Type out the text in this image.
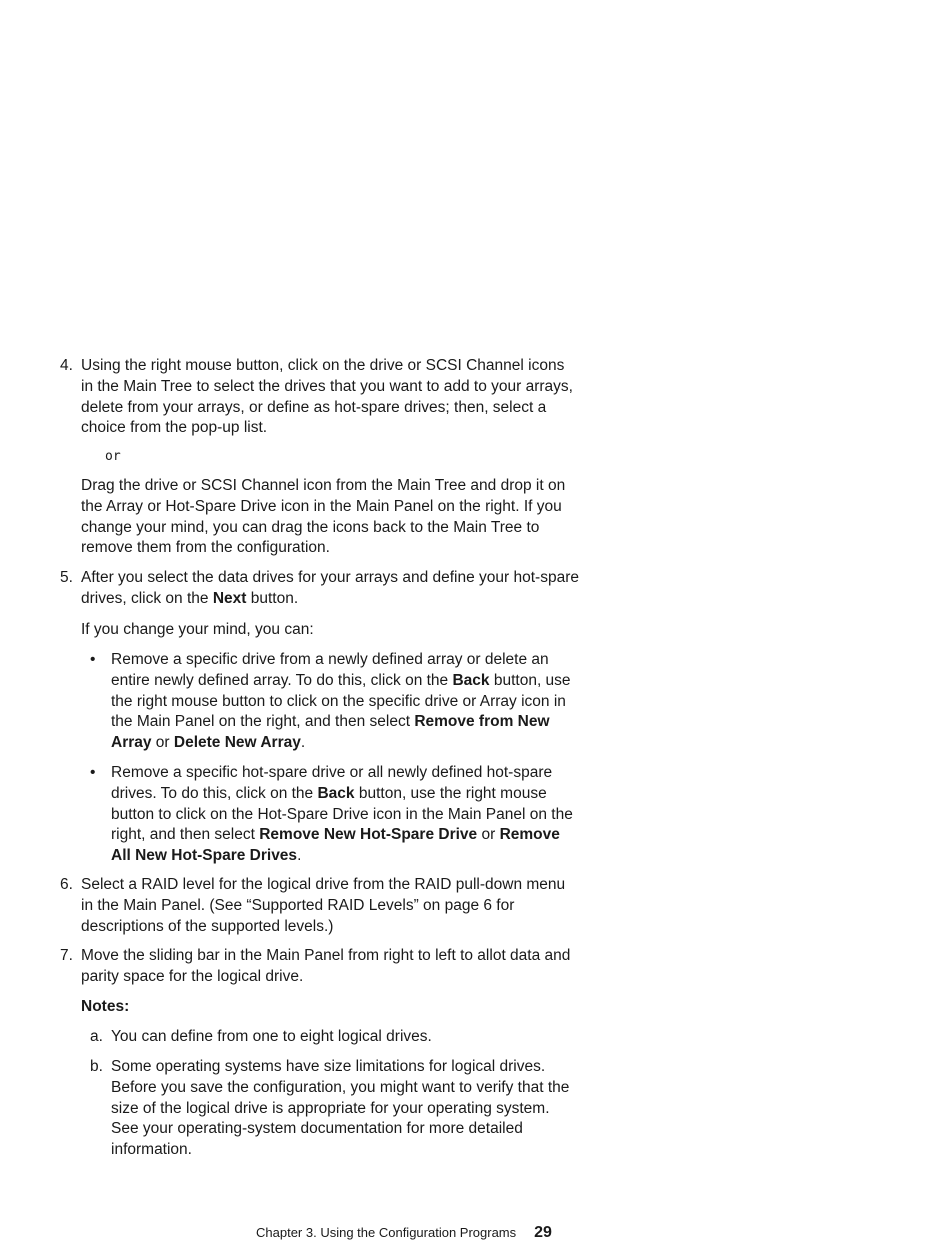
4. Using the right mouse button, click on the drive or SCSI Channel icons in the Main Tree to select the drives that you want to add to your arrays, delete from your arrays, or define as hot-spare drives; then, select a choice from the pop-up list.

or

Drag the drive or SCSI Channel icon from the Main Tree and drop it on the Array or Hot-Spare Drive icon in the Main Panel on the right. If you change your mind, you can drag the icons back to the Main Tree to remove them from the configuration.

5. After you select the data drives for your arrays and define your hot-spare drives, click on the Next button.

If you change your mind, you can:

• Remove a specific drive from a newly defined array or delete an entire newly defined array. To do this, click on the Back button, use the right mouse button to click on the specific drive or Array icon in the Main Panel on the right, and then select Remove from New Array or Delete New Array.

• Remove a specific hot-spare drive or all newly defined hot-spare drives. To do this, click on the Back button, use the right mouse button to click on the Hot-Spare Drive icon in the Main Panel on the right, and then select Remove New Hot-Spare Drive or Remove All New Hot-Spare Drives.

6. Select a RAID level for the logical drive from the RAID pull-down menu in the Main Panel. (See “Supported RAID Levels” on page 6 for descriptions of the supported levels.)

7. Move the sliding bar in the Main Panel from right to left to allot data and parity space for the logical drive.

Notes:

a. You can define from one to eight logical drives.

b. Some operating systems have size limitations for logical drives. Before you save the configuration, you might want to verify that the size of the logical drive is appropriate for your operating system. See your operating-system documentation for more detailed information.

Chapter 3. Using the Configuration Programs 29
